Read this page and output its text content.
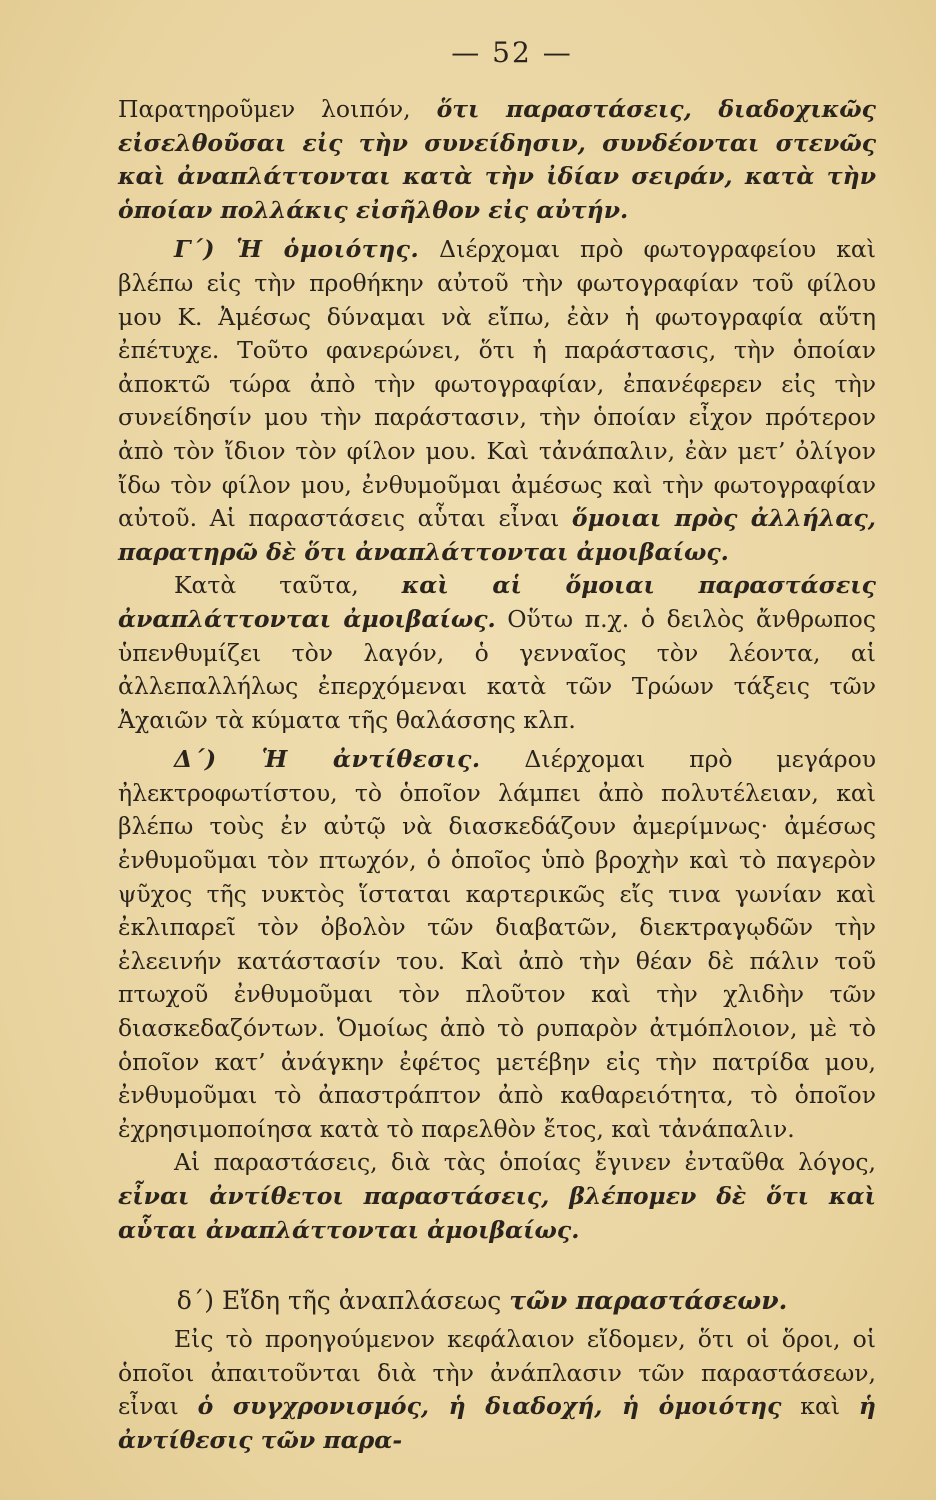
— 52 —

Παρατηροῦμεν λοιπόν, ὅτι παραστάσεις, διαδοχικῶς εἰσελθοῦσαι εἰς τὴν συνείδησιν, συνδέονται στενῶς καὶ ἀναπλάττονται κατὰ τὴν ἰδίαν σειράν, κατὰ τὴν ὁποίαν πολλάκις εἰσῆλθον εἰς αὐτήν.

Γ΄) Ἡ ὁμοιότης. Διέρχομαι πρὸ φωτογραφείου καὶ βλέπω εἰς τὴν προθήκην αὐτοῦ τὴν φωτογραφίαν τοῦ φίλου μου Κ. Ἀμέσως δύναμαι νὰ εἴπω, ἐὰν ἡ φωτογραφία αὕτη ἐπέτυχε. Τοῦτο φανερώνει, ὅτι ἡ παράστασις, τὴν ὁποίαν ἀποκτῶ τώρα ἀπὸ τὴν φωτογραφίαν, ἐπανέφερεν εἰς τὴν συνείδησίν μου τὴν παράστασιν, τὴν ὁποίαν εἶχον πρότερον ἀπὸ τὸν ἴδιον τὸν φίλον μου. Καὶ τἀνάπαλιν, ἐὰν μετ’ ὀλίγον ἴδω τὸν φίλον μου, ἐνθυμοῦμαι ἀμέσως καὶ τὴν φωτογραφίαν αὐτοῦ. Αἱ παραστάσεις αὗται εἶναι ὅμοιαι πρὸς ἀλλήλας, παρατηρῶ δὲ ὅτι ἀναπλάττονται ἀμοιβαίως.

Κατὰ ταῦτα, καὶ αἱ ὅμοιαι παραστάσεις ἀναπλάττονται ἀμοιβαίως. Οὕτω π.χ. ὁ δειλὸς ἄνθρωπος ὑπενθυμίζει τὸν λαγόν, ὁ γενναῖος τὸν λέοντα, αἱ ἀλλεπαλλήλως ἐπερχόμεναι κατὰ τῶν Τρώων τάξεις τῶν Ἀχαιῶν τὰ κύματα τῆς θαλάσσης κλπ.

Δ΄) Ἡ ἀντίθεσις. Διέρχομαι πρὸ μεγάρου ἠλεκτροφωτίστου, τὸ ὁποῖον λάμπει ἀπὸ πολυτέλειαν, καὶ βλέπω τοὺς ἐν αὐτῷ νὰ διασκεδάζουν ἀμερίμνως· ἀμέσως ἐνθυμοῦμαι τὸν πτωχόν, ὁ ὁποῖος ὑπὸ βροχὴν καὶ τὸ παγερὸν ψῦχος τῆς νυκτὸς ἵσταται καρτερικῶς εἴς τινα γωνίαν καὶ ἐκλιπαρεῖ τὸν ὀβολὸν τῶν διαβατῶν, διεκτραγῳδῶν τὴν ἐλεεινήν κατάστασίν του. Καὶ ἀπὸ τὴν θέαν δὲ πάλιν τοῦ πτωχοῦ ἐνθυμοῦμαι τὸν πλοῦτον καὶ τὴν χλιδὴν τῶν διασκεδαζόντων. Ὁμοίως ἀπὸ τὸ ρυπαρὸν ἀτμόπλοιον, μὲ τὸ ὁποῖον κατ’ ἀνάγκην ἐφέτος μετέβην εἰς τὴν πατρίδα μου, ἐνθυμοῦμαι τὸ ἀπαστράπτον ἀπὸ καθαρειότητα, τὸ ὁποῖον ἐχρησιμοποίησα κατὰ τὸ παρελθὸν ἔτος, καὶ τἀνάπαλιν.

Αἱ παραστάσεις, διὰ τὰς ὁποίας ἔγινεν ἐνταῦθα λόγος, εἶναι ἀντίθετοι παραστάσεις, βλέπομεν δὲ ὅτι καὶ αὗται ἀναπλάττονται ἀμοιβαίως.

δ΄) Εἴδη τῆς ἀναπλάσεως τῶν παραστάσεων.

Εἰς τὸ προηγούμενον κεφάλαιον εἴδομεν, ὅτι οἱ ὅροι, οἱ ὁποῖοι ἀπαιτοῦνται διὰ τὴν ἀνάπλασιν τῶν παραστάσεων, εἶναι ὁ συγχρονισμός, ἡ διαδοχή, ἡ ὁμοιότης καὶ ἡ ἀντίθεσις τῶν παρα-
